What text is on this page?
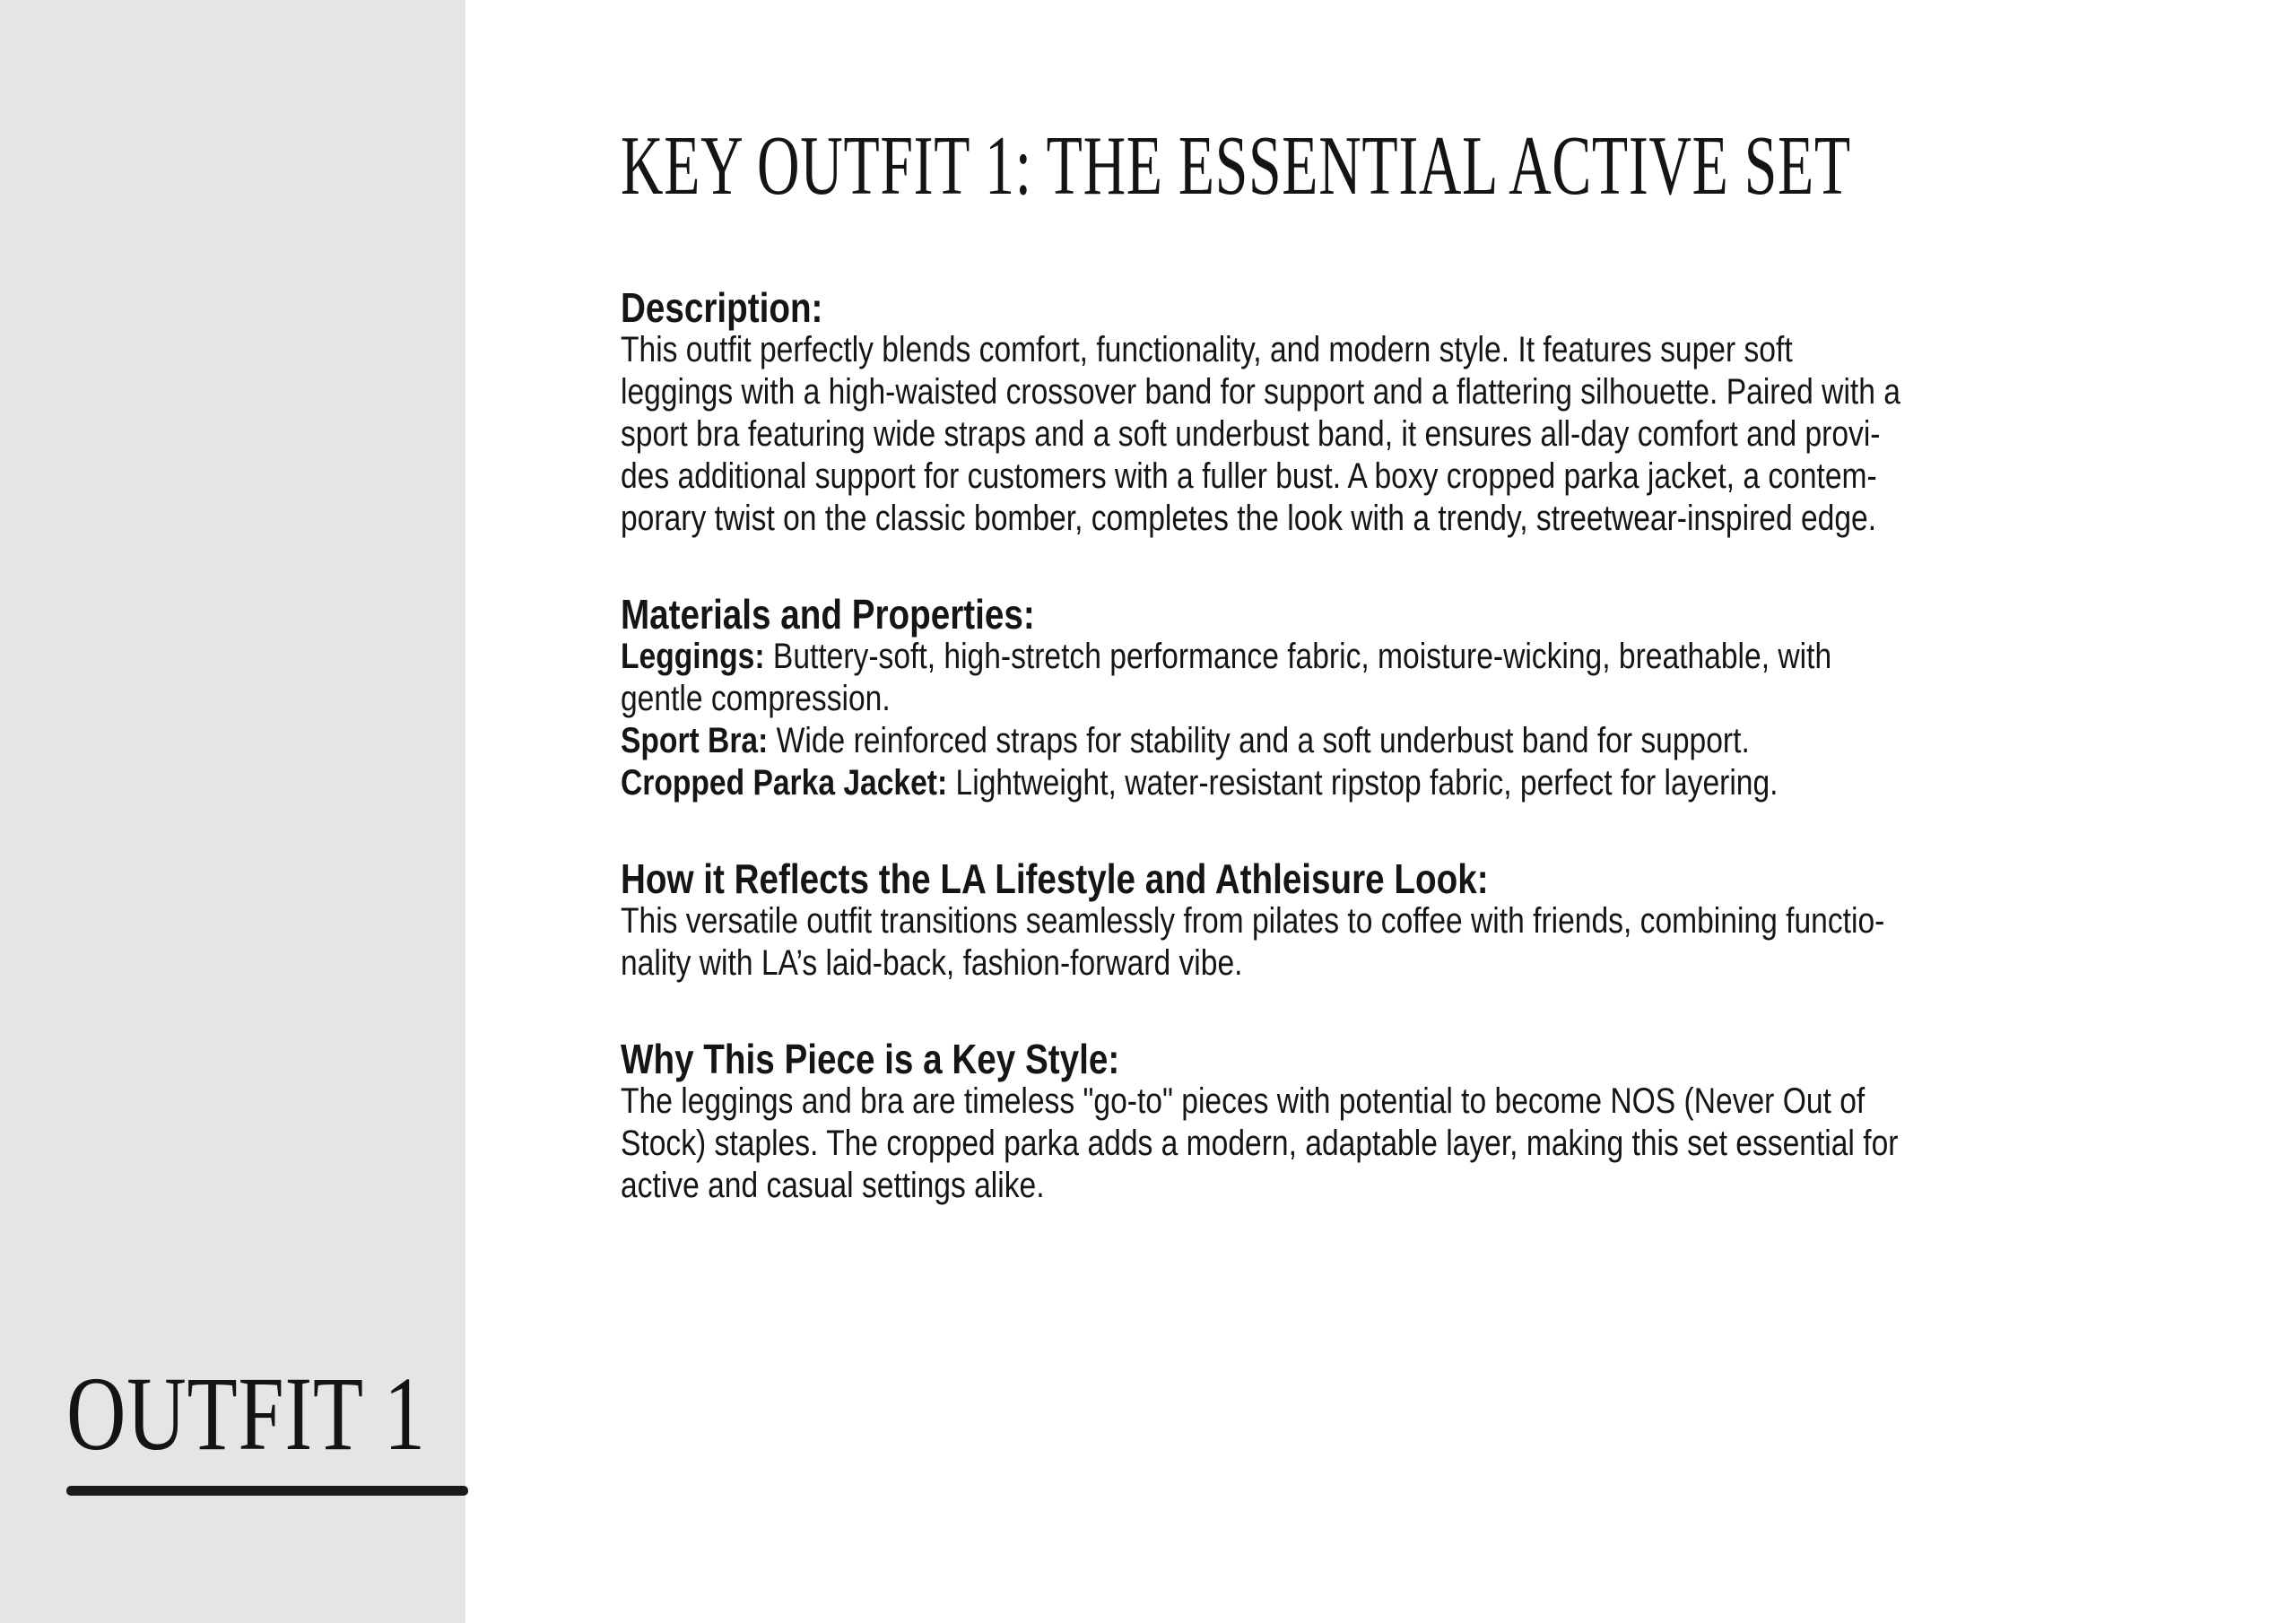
OUTFIT 1
KEY OUTFIT 1: THE ESSENTIAL ACTIVE SET
Description:
This outfit perfectly blends comfort, functionality, and modern style. It features super soft
leggings with a high-waisted crossover band for support and a flattering silhouette. Paired with a
sport bra featuring wide straps and a soft underbust band, it ensures all-day comfort and provi-
des additional support for customers with a fuller bust. A boxy cropped parka jacket, a contem-
porary twist on the classic bomber, completes the look with a trendy, streetwear-inspired edge.
Materials and Properties:
Leggings: Buttery-soft, high-stretch performance fabric, moisture-wicking, breathable, with
gentle compression.
Sport Bra: Wide reinforced straps for stability and a soft underbust band for support.
Cropped Parka Jacket: Lightweight, water-resistant ripstop fabric, perfect for layering.
How it Reflects the LA Lifestyle and Athleisure Look:
This versatile outfit transitions seamlessly from pilates to coffee with friends, combining functio-
nality with LA’s laid-back, fashion-forward vibe.
Why This Piece is a Key Style:
The leggings and bra are timeless "go-to" pieces with potential to become NOS (Never Out of
Stock) staples. The cropped parka adds a modern, adaptable layer, making this set essential for
active and casual settings alike.
